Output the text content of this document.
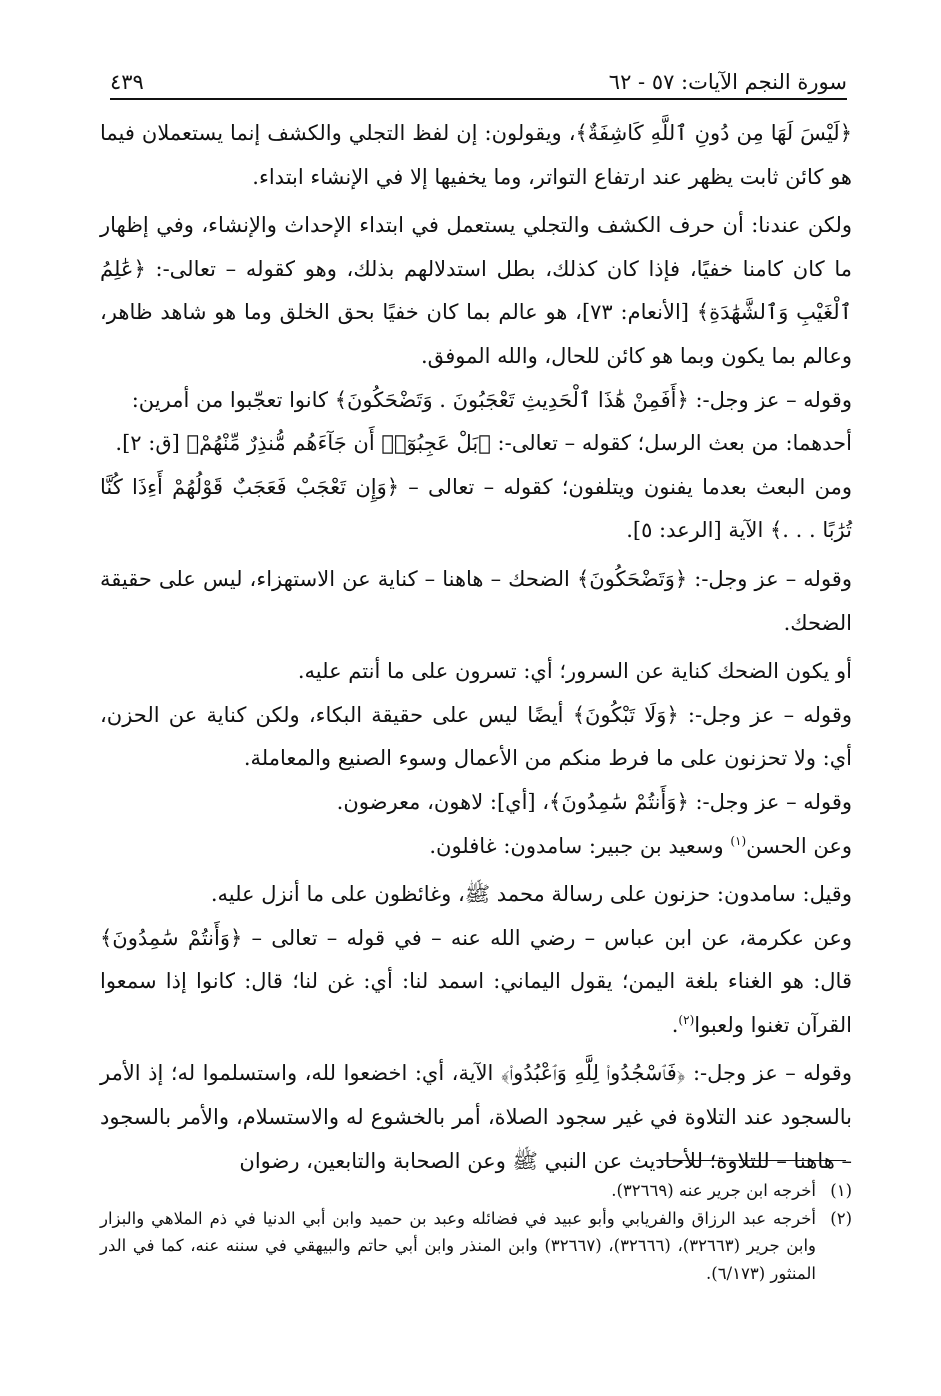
سورة النجم الآيات: ٥٧ - ٦٢
٤٣٩

﴿لَيْسَ لَهَا مِن دُونِ ٱللَّهِ كَاشِفَةٌ﴾، ويقولون: إن لفظ التجلي والكشف إنما يستعملان فيما هو كائن ثابت يظهر عند ارتفاع التواتر، وما يخفيها إلا في الإنشاء ابتداء.

ولكن عندنا: أن حرف الكشف والتجلي يستعمل في ابتداء الإحداث والإنشاء، وفي إظهار ما كان كامنا خفيًا، فإذا كان كذلك، بطل استدلالهم بذلك، وهو كقوله – تعالى-: ﴿عَٰلِمُ ٱلْغَيْبِ وَٱلشَّهَٰدَةِ﴾ [الأنعام: ٧٣]، هو عالم بما كان خفيًا بحق الخلق وما هو شاهد ظاهر، وعالم بما يكون وبما هو كائن للحال، والله الموفق.

وقوله – عز وجل-: ﴿أَفَمِنْ هَٰذَا ٱلْحَدِيثِ تَعْجَبُونَ . وَتَضْحَكُونَ﴾ كانوا تعجّبوا من أمرين:

أحدهما: من بعث الرسل؛ كقوله – تعالى-: ﴿بَلْ عَجِبُوٓا۟ أَن جَآءَهُم مُّنذِرٌ مِّنْهُمْ﴾ [ق: ٢].

ومن البعث بعدما يفنون ويتلفون؛ كقوله – تعالى – ﴿وَإِن تَعْجَبْ فَعَجَبٌ قَوْلُهُمْ أَءِذَا كُنَّا تُرَٰبًا . . .﴾ الآية [الرعد: ٥].

وقوله – عز وجل-: ﴿وَتَضْحَكُونَ﴾ الضحك – هاهنا – كناية عن الاستهزاء، ليس على حقيقة الضحك.

أو يكون الضحك كناية عن السرور؛ أي: تسرون على ما أنتم عليه.

وقوله – عز وجل-: ﴿وَلَا تَبْكُونَ﴾ أيضًا ليس على حقيقة البكاء، ولكن كناية عن الحزن، أي: ولا تحزنون على ما فرط منكم من الأعمال وسوء الصنيع والمعاملة.

وقوله – عز وجل-: ﴿وَأَنتُمْ سَٰمِدُونَ﴾، [أي]: لاهون، معرضون.

وعن الحسن$^{(١)}$ وسعيد بن جبير: سامدون: غافلون.

وقيل: سامدون: حزنون على رسالة محمد ﷺ، وغائظون على ما أنزل عليه.

وعن عكرمة، عن ابن عباس – رضي الله عنه – في قوله – تعالى – ﴿وَأَنتُمْ سَٰمِدُونَ﴾ قال: هو الغناء بلغة اليمن؛ يقول اليماني: اسمد لنا: أي: غن لنا؛ قال: كانوا إذا سمعوا القرآن تغنوا ولعبوا$^{(٢)}$.

وقوله – عز وجل-: ﴿فَٱسْجُدُوا۟ لِلَّهِ وَٱعْبُدُوا۟﴾ الآية، أي: اخضعوا لله، واستسلموا له؛ إذ الأمر بالسجود عند التلاوة في غير سجود الصلاة، أمر بالخشوع له والاستسلام، والأمر بالسجود – هاهنا – للتلاوة؛ للأحاديث عن النبي ﷺ وعن الصحابة والتابعين، رضوان

(١)
أخرجه ابن جرير عنه (٣٢٦٦٩).
(٢)
أخرجه عبد الرزاق والفريابي وأبو عبيد في فضائله وعبد بن حميد وابن أبي الدنيا في ذم الملاهي والبزار وابن جرير (٣٢٦٦٣)، (٣٢٦٦٦)، (٣٢٦٦٧) وابن المنذر وابن أبي حاتم والبيهقي في سننه عنه، كما في الدر المنثور (٦/١٧٣).
